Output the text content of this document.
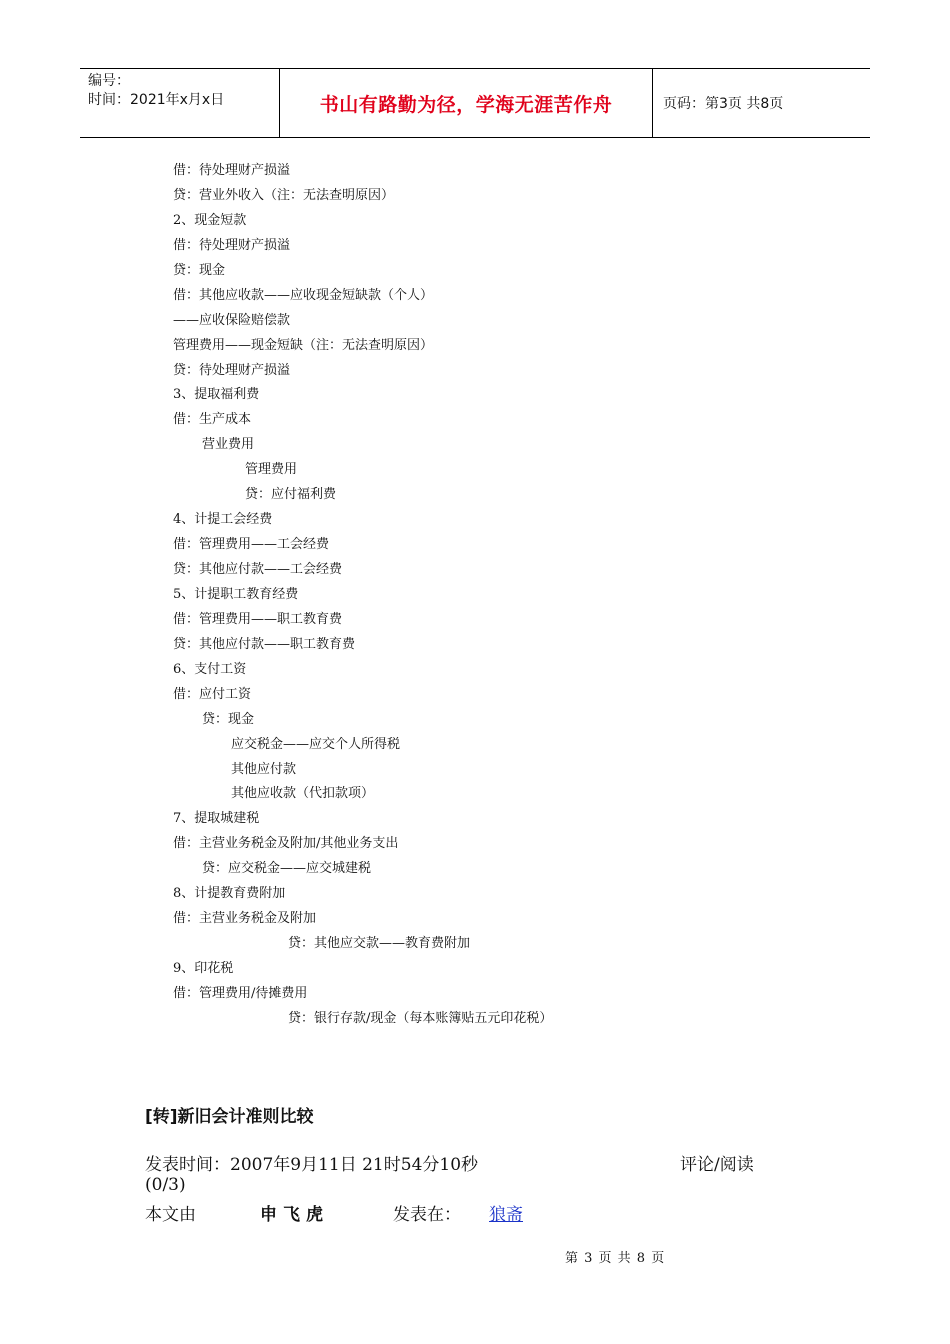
编号：
时间：2021年x月x日	书山有路勤为径，学海无涯苦作舟	页码：第3页 共8页
借：待处理财产损溢
贷：营业外收入（注：无法查明原因）
2、现金短款
借：待处理财产损溢
贷：现金
借：其他应收款——应收现金短缺款（个人）
——应收保险赔偿款
管理费用——现金短缺（注：无法查明原因）
贷：待处理财产损溢
3、提取福利费
借：生产成本
营业费用
管理费用
贷：应付福利费
4、计提工会经费
借：管理费用——工会经费
贷：其他应付款——工会经费
5、计提职工教育经费
借：管理费用——职工教育费
贷：其他应付款——职工教育费
6、支付工资
借：应付工资
贷：现金
应交税金——应交个人所得税
其他应付款
其他应收款（代扣款项）
7、提取城建税
借：主营业务税金及附加/其他业务支出
贷：应交税金——应交城建税
8、计提教育费附加
借：主营业务税金及附加
贷：其他应交款——教育费附加
9、印花税
借：管理费用/待摊费用
贷：银行存款/现金（每本账簿贴五元印花税）
[转]新旧会计准则比较
发表时间：2007年9月11日 21时54分10秒	评论/阅读
(0/3)
本文由	申飞虎	发表在： 狼斋
第 3 页 共 8 页
